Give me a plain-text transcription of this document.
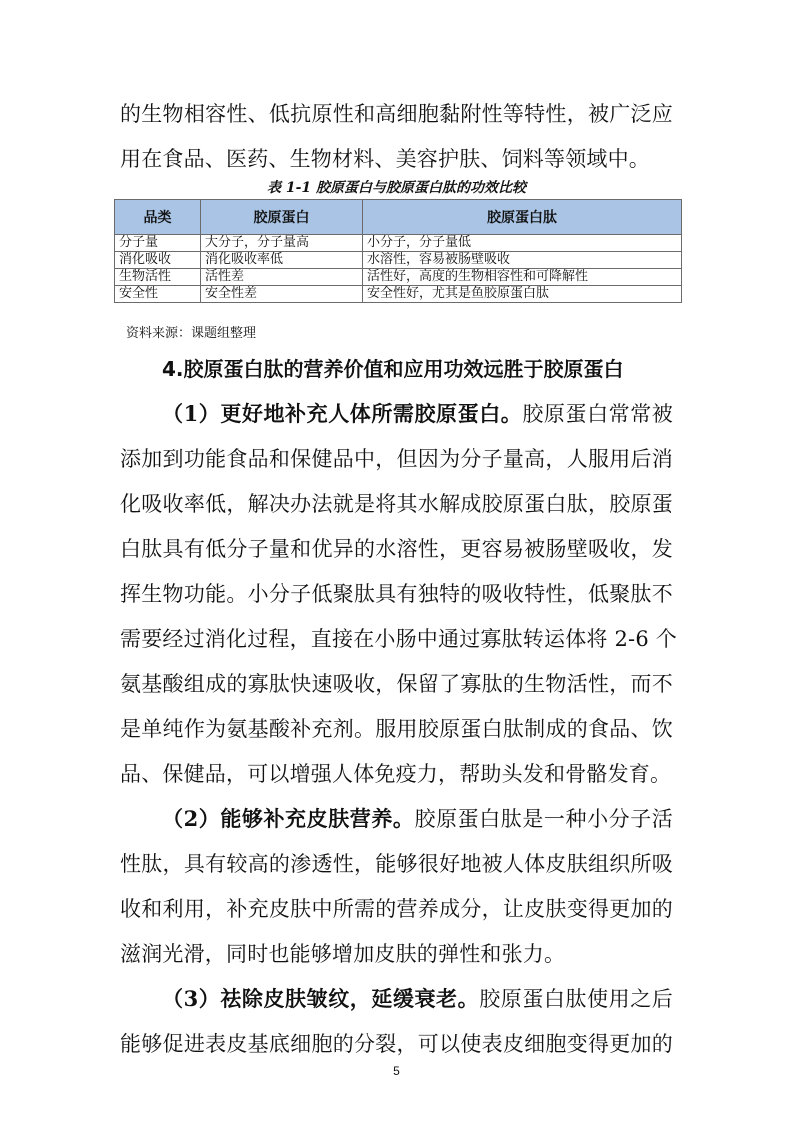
的生物相容性、低抗原性和高细胞黏附性等特性，被广泛应

用在食品、医药、生物材料、美容护肤、饲料等领域中。

表 1-1 胶原蛋白与胶原蛋白肽的功效比较

品类	胶原蛋白	胶原蛋白肽
分子量	大分子，分子量高	小分子，分子量低
消化吸收	消化吸收率低	水溶性，容易被肠壁吸收
生物活性	活性差	活性好，高度的生物相容性和可降解性
安全性	安全性差	安全性好，尤其是鱼胶原蛋白肽

资料来源：课题组整理

4.胶原蛋白肽的营养价值和应用功效远胜于胶原蛋白

（1）更好地补充人体所需胶原蛋白。胶原蛋白常常被

添加到功能食品和保健品中，但因为分子量高，人服用后消

化吸收率低，解决办法就是将其水解成胶原蛋白肽，胶原蛋

白肽具有低分子量和优异的水溶性，更容易被肠壁吸收，发

挥生物功能。小分子低聚肽具有独特的吸收特性，低聚肽不

需要经过消化过程，直接在小肠中通过寡肽转运体将 2-6 个

氨基酸组成的寡肽快速吸收，保留了寡肽的生物活性，而不

是单纯作为氨基酸补充剂。服用胶原蛋白肽制成的食品、饮

品、保健品，可以增强人体免疫力，帮助头发和骨骼发育。

（2）能够补充皮肤营养。胶原蛋白肽是一种小分子活

性肽，具有较高的渗透性，能够很好地被人体皮肤组织所吸

收和利用，补充皮肤中所需的营养成分，让皮肤变得更加的

滋润光滑，同时也能够增加皮肤的弹性和张力。

（3）祛除皮肤皱纹，延缓衰老。胶原蛋白肽使用之后

能够促进表皮基底细胞的分裂，可以使表皮细胞变得更加的

5
